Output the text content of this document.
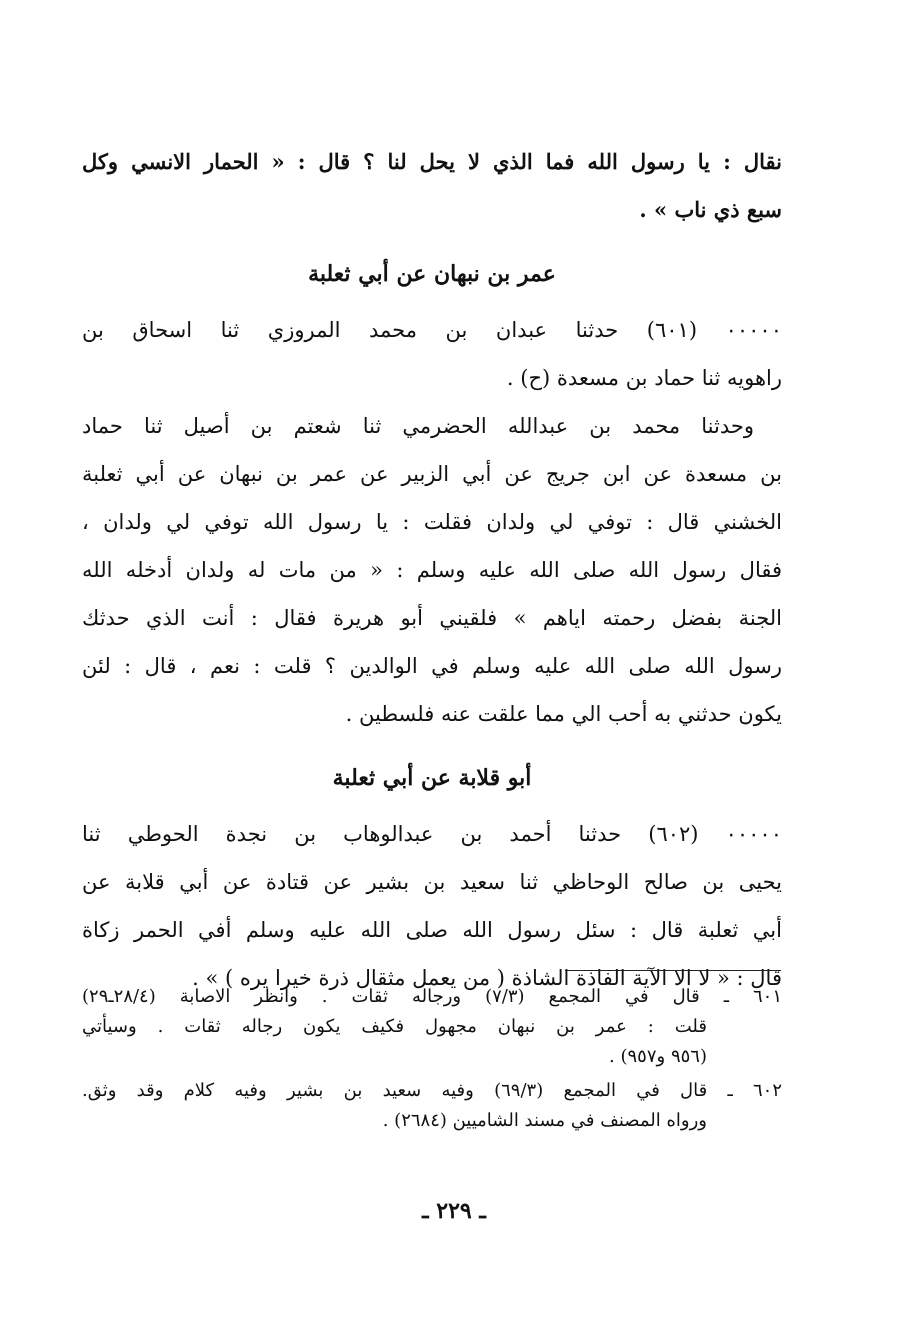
نقال : يا رسول الله فما الذي لا يحل لنا ؟ قال : « الحمار الانسي وكل
سبع ذي ناب » .
عمر بن نبهان عن أبي ثعلبة
٠٠٠٠٠ (٦٠١) حدثنا عبدان بن محمد المروزي ثنا اسحاق بن
راهويه ثنا حماد بن مسعدة (ح) .
وحدثنا محمد بن عبدالله الحضرمي ثنا شعتم بن أصيل ثنا حماد
بن مسعدة عن ابن جريج عن أبي الزبير عن عمر بن نبهان عن أبي ثعلبة
الخشني قال : توفي لي ولدان فقلت : يا رسول الله توفي لي ولدان ،
فقال رسول الله صلى الله عليه وسلم : « من مات له ولدان أدخله الله
الجنة بفضل رحمته اياهم » فلقيني أبو هريرة فقال : أنت الذي حدثك
رسول الله صلى الله عليه وسلم في الوالدين ؟ قلت : نعم ، قال : لئن
يكون حدثني به أحب الي مما علقت عنه فلسطين .
أبو قلابة عن أبي ثعلبة
٠٠٠٠٠ (٦٠٢) حدثنا أحمد بن عبدالوهاب بن نجدة الحوطي ثنا
يحيى بن صالح الوحاظي ثنا سعيد بن بشير عن قتادة عن أبي قلابة عن
أبي ثعلبة قال : سئل رسول الله صلى الله عليه وسلم أفي الحمر زكاة
قال : « لا الا الآية الفاذة الشاذة ( من يعمل مثقال ذرة خيرا يره ) » .
٦٠١ ـ قال في المجمع (٧/٣) ورجاله ثقات . وانظر الاصابة (٢٨/٤ـ٢٩)
قلت : عمر بن نبهان مجهول فكيف يكون رجاله ثقات . وسيأتي
(٩٥٦ و٩٥٧) .
٦٠٢ ـ قال في المجمع (٦٩/٣) وفيه سعيد بن بشير وفيه كلام وقد وثق.
ورواه المصنف في مسند الشاميين (٢٦٨٤) .
ـ ٢٢٩ ـ
